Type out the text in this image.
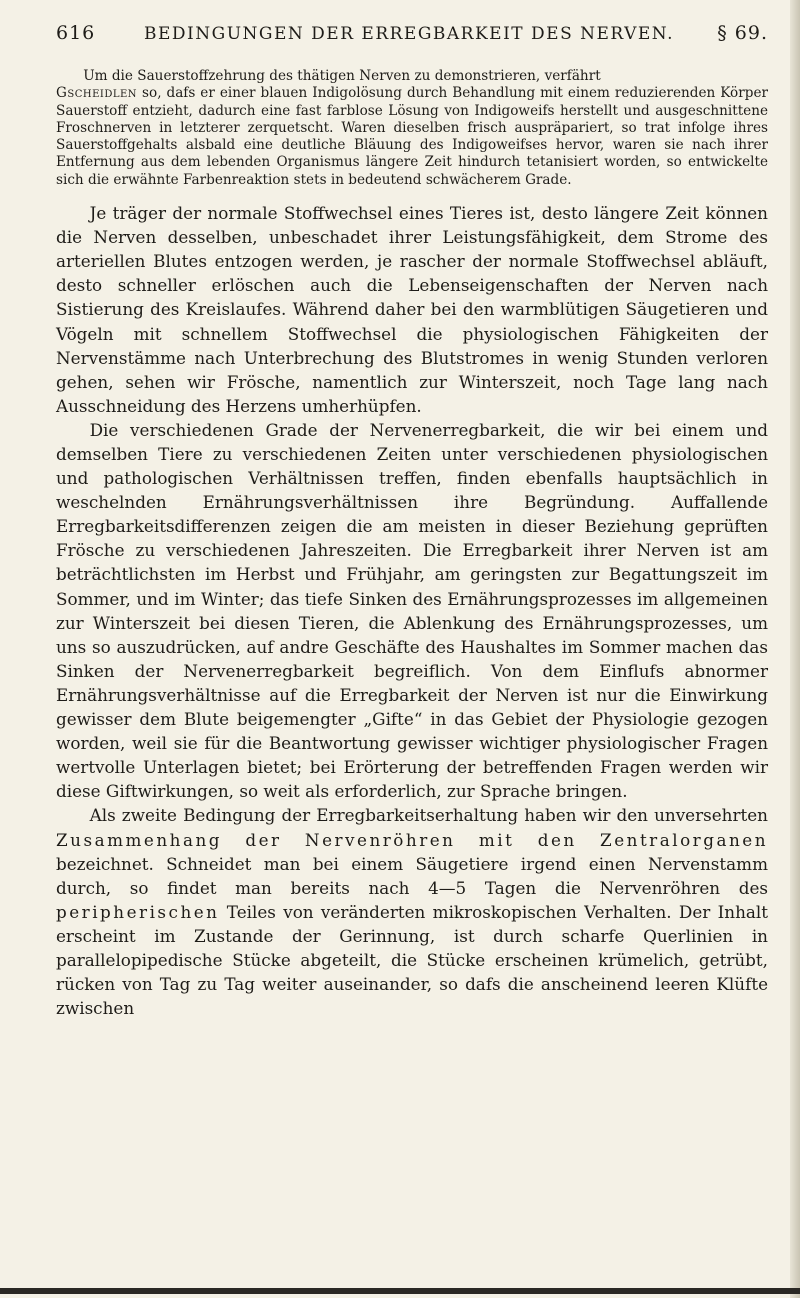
616	BEDINGUNGEN DER ERREGBARKEIT DES NERVEN.	§ 69.

Um die Sauerstoffzehrung des thätigen Nerven zu demonstrieren, verfährt
Gscheidlen so, dafs er einer blauen Indigolösung durch Behandlung mit einem reduzierenden Körper Sauerstoff entzieht, dadurch eine fast farblose Lösung von Indigoweifs herstellt und ausgeschnittene Froschnerven in letzterer zerquetscht. Waren dieselben frisch auspräpariert, so trat infolge ihres Sauerstoffgehalts alsbald eine deutliche Bläuung des Indigoweifses hervor, waren sie nach ihrer Entfernung aus dem lebenden Organismus längere Zeit hindurch tetanisiert worden, so entwickelte sich die erwähnte Farbenreaktion stets in bedeutend schwächerem Grade.

Je träger der normale Stoffwechsel eines Tieres ist, desto längere Zeit können die Nerven desselben, unbeschadet ihrer Leistungsfähigkeit, dem Strome des arteriellen Blutes entzogen werden, je rascher der normale Stoffwechsel abläuft, desto schneller erlöschen auch die Lebenseigenschaften der Nerven nach Sistierung des Kreislaufes. Während daher bei den warmblütigen Säugetieren und Vögeln mit schnellem Stoffwechsel die physiologischen Fähigkeiten der Nervenstämme nach Unterbrechung des Blutstromes in wenig Stunden verloren gehen, sehen wir Frösche, namentlich zur Winterszeit, noch Tage lang nach Ausschneidung des Herzens umherhüpfen.

Die verschiedenen Grade der Nervenerregbarkeit, die wir bei einem und demselben Tiere zu verschiedenen Zeiten unter verschiedenen physiologischen und pathologischen Verhältnissen treffen, finden ebenfalls hauptsächlich in weschelnden Ernährungsverhältnissen ihre Begründung. Auffallende Erregbarkeitsdifferenzen zeigen die am meisten in dieser Beziehung geprüften Frösche zu verschiedenen Jahreszeiten. Die Erregbarkeit ihrer Nerven ist am beträchtlichsten im Herbst und Frühjahr, am geringsten zur Begattungszeit im Sommer, und im Winter; das tiefe Sinken des Ernährungsprozesses im allgemeinen zur Winterszeit bei diesen Tieren, die Ablenkung des Ernährungsprozesses, um uns so auszudrücken, auf andre Geschäfte des Haushaltes im Sommer machen das Sinken der Nervenerregbarkeit begreiflich. Von dem Einflufs abnormer Ernährungsverhältnisse auf die Erregbarkeit der Nerven ist nur die Einwirkung gewisser dem Blute beigemengter „Gifte“ in das Gebiet der Physiologie gezogen worden, weil sie für die Beantwortung gewisser wichtiger physiologischer Fragen wertvolle Unterlagen bietet; bei Erörterung der betreffenden Fragen werden wir diese Giftwirkungen, so weit als erforderlich, zur Sprache bringen.

Als zweite Bedingung der Erregbarkeitserhaltung haben wir den unversehrten Zusammenhang der Nervenröhren mit den Zentralorganen bezeichnet. Schneidet man bei einem Säugetiere irgend einen Nervenstamm durch, so findet man bereits nach 4—5 Tagen die Nervenröhren des peripherischen Teiles von veränderten mikroskopischen Verhalten. Der Inhalt erscheint im Zustande der Gerinnung, ist durch scharfe Querlinien in parallelopipedische Stücke abgeteilt, die Stücke erscheinen krümelich, getrübt, rücken von Tag zu Tag weiter auseinander, so dafs die anscheinend leeren Klüfte zwischen
